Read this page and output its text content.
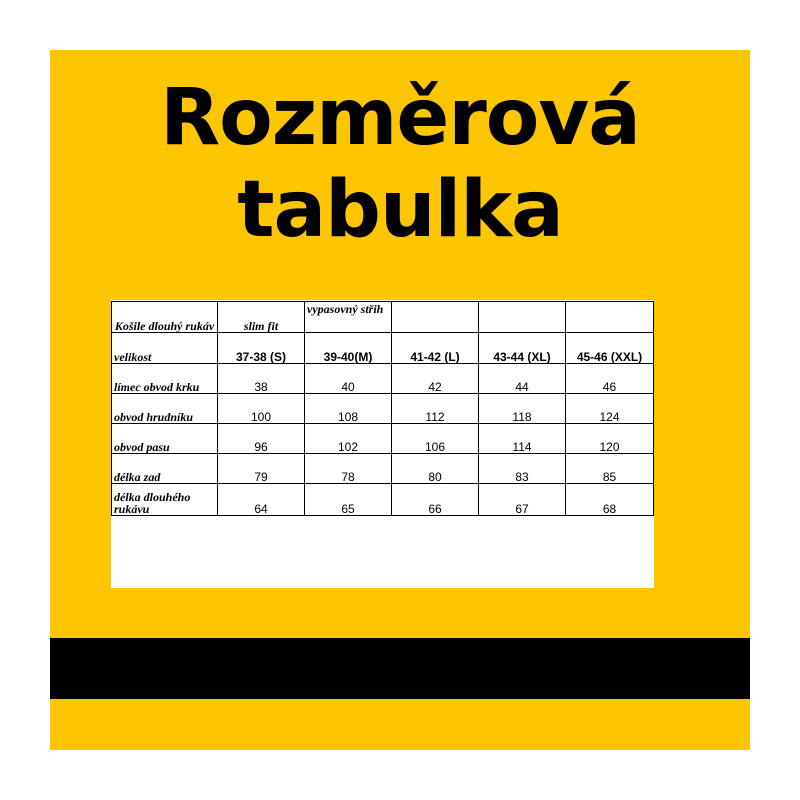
Rozměrová
tabulka
Košile dlouhý rukáv	slim fit	vypasovný střih			
velikost	37-38 (S)	39-40(M)	41-42 (L)	43-44 (XL)	45-46 (XXL)
límec obvod krku	38	40	42	44	46
obvod hrudníku	100	108	112	118	124
obvod pasu	96	102	106	114	120
délka zad	79	78	80	83	85
délka dlouhého rukávu	64	65	66	67	68
